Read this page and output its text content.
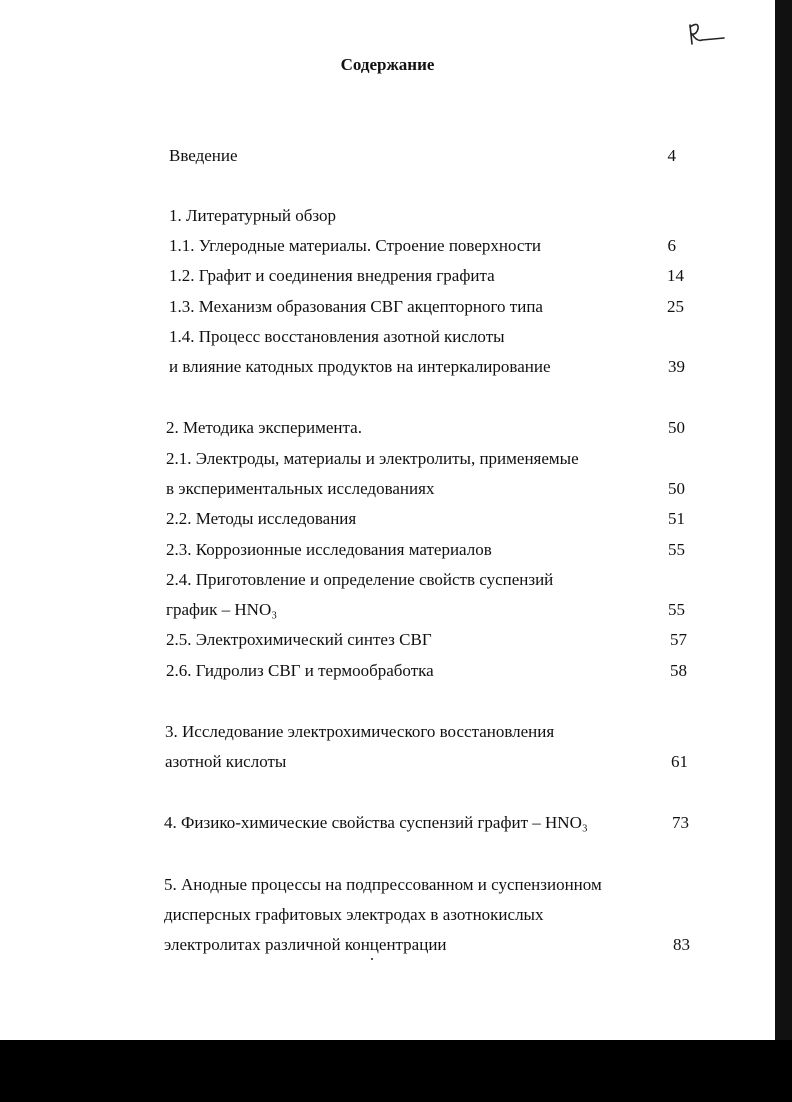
Содержание
Введение	4
1. Литературный обзор
1.1. Углеродные материалы. Строение поверхности	6
1.2. Графит и соединения внедрения графита	14
1.3. Механизм образования СВГ акцепторного типа	25
1.4. Процесс восстановления азотной кислоты
и влияние катодных продуктов на интеркалирование	39
2. Методика эксперимента.	50
2.1. Электроды, материалы и электролиты, применяемые
в экспериментальных исследованиях	50
2.2. Методы исследования	51
2.3. Коррозионные исследования материалов	55
2.4. Приготовление и определение свойств суспензий
график – HNO₃	55
2.5. Электрохимический синтез СВГ	57
2.6. Гидролиз СВГ и термообработка	58
3. Исследование электрохимического восстановления
азотной кислоты	61
4. Физико-химические свойства суспензий графит – HNO₃	73
5. Анодные процессы на подпрессованном и суспензионном
дисперсных графитовых электродах в азотнокислых
электролитах различной концентрации	83
